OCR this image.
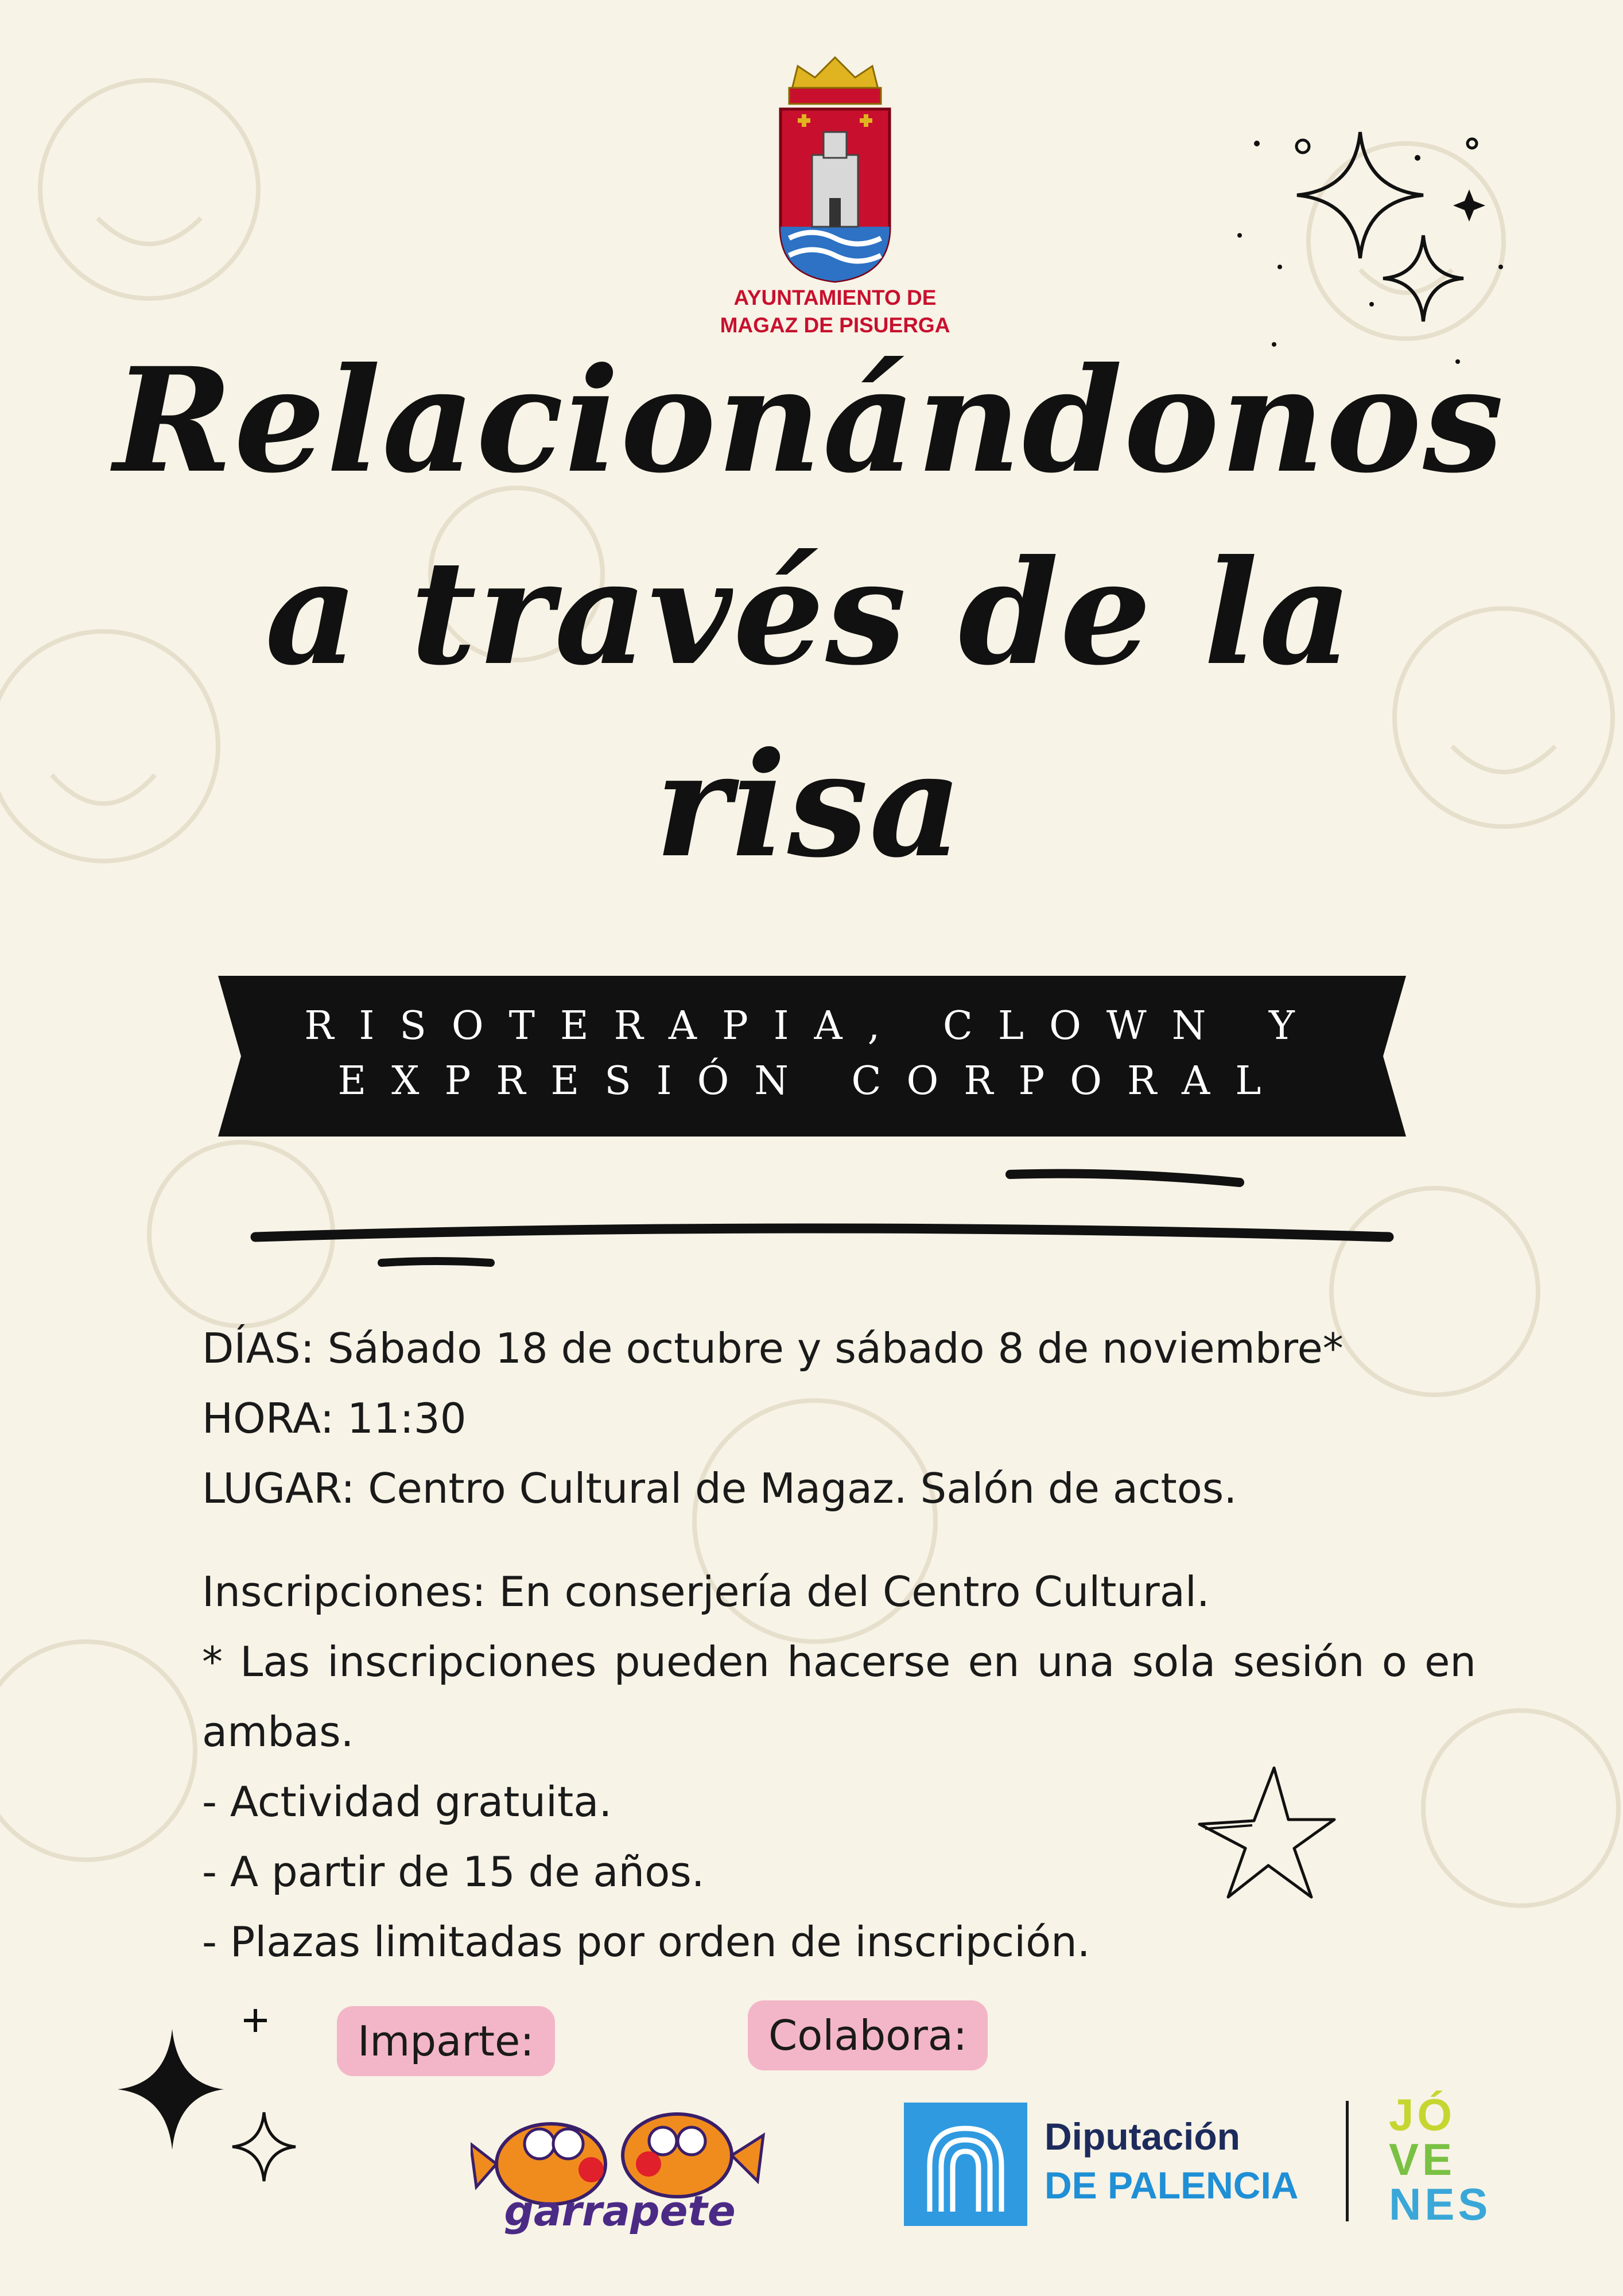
AYUNTAMIENTO DE
MAGAZ DE PISUERGA
Relacionándonos
a través de la
risa
RISOTERAPIA, CLOWN Y
EXPRESIÓN CORPORAL

DÍAS: Sábado 18 de octubre y sábado 8 de noviembre*

HORA: 11:30

LUGAR: Centro Cultural de Magaz. Salón de actos.

Inscripciones: En conserjería del Centro Cultural.

* Las inscripciones pueden hacerse en una sola sesión o en ambas.

- Actividad gratuita.

- A partir de 15 de años.

- Plazas limitadas por orden de inscripción.

Imparte:	Colabora:
garrapete
Diputación
DE PALENCIA
JÓ
VE
NES
